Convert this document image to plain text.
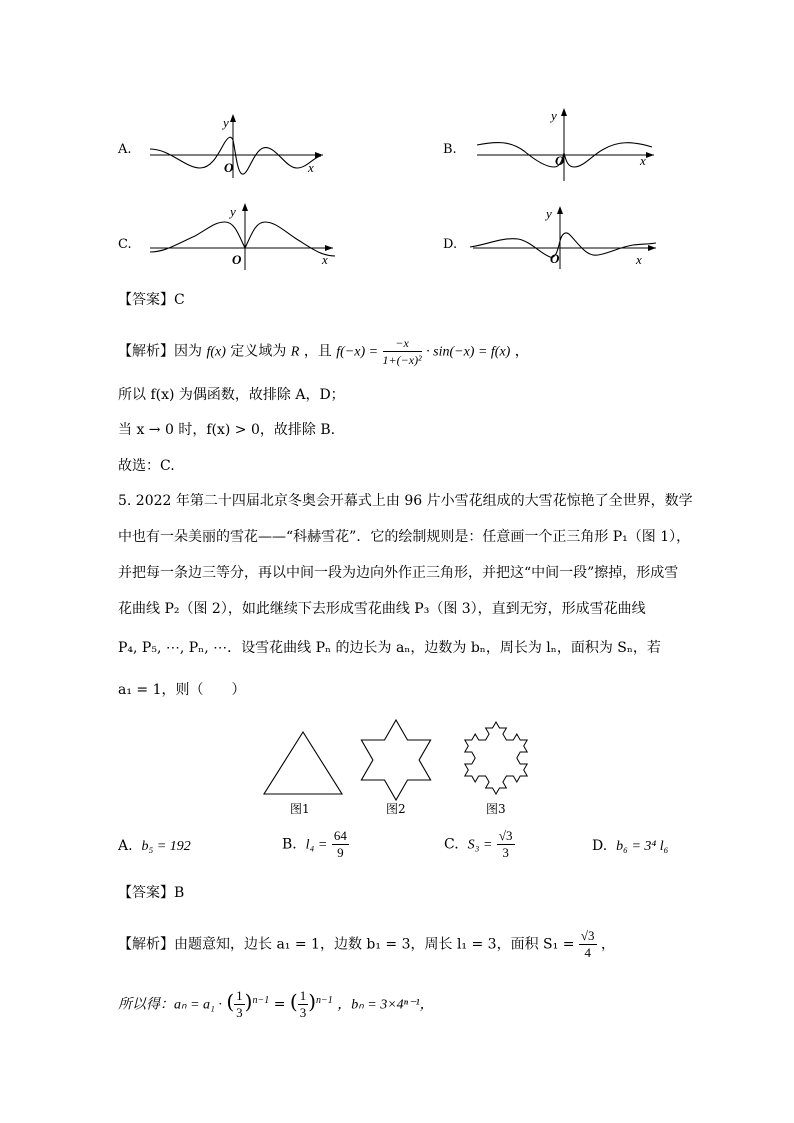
A.
y
x
O
B.
y
x
O
C.
y
x
O
D.
y
x
O
【答案】C
【解析】因为 f(x) 定义域为 R ，且 $f(-x) = \frac{-x}{\text{1+(−x)²}} \cdot \sin(-x) = f(x)$ ，
所以 f(x) 为偶函数，故排除 A，D；
当 x → 0 时，f(x) > 0，故排除 B.
故选：C.
5. 2022 年第二十四届北京冬奥会开幕式上由 96 片小雪花组成的大雪花惊艳了全世界，数学
中也有一朵美丽的雪花——“科赫雪花”．它的绘制规则是：任意画一个正三角形 P₁（图 1），
并把每一条边三等分，再以中间一段为边向外作正三角形，并把这“中间一段”擦掉，形成雪
花曲线 P₂（图 2），如此继续下去形成雪花曲线 P₃（图 3），直到无穷，形成雪花曲线
P₄, P₅, ⋯, Pₙ, ⋯．设雪花曲线 Pₙ 的边长为 aₙ，边数为 bₙ，周长为 lₙ，面积为 Sₙ，若
a₁ = 1，则（　　）
图1	图2	图3
A. b₅ = 192	B. $l_4 = \frac{64}{9}$	C. $S_3 = \frac{√3}{3}$	D. b₆ = 3⁴ l₆
【答案】B
【解析】由题意知，边长 a₁ = 1，边数 b₁ = 3，周长 l₁ = 3，面积 $S_1 = \frac{√3}{4}$ ，
所以得：aₙ = a₁ · ( $\frac{1}{3} )^{n-1}$ = ( $\frac{1}{3} )^{n-1}$ ，bₙ = 3×4ⁿ⁻¹，
